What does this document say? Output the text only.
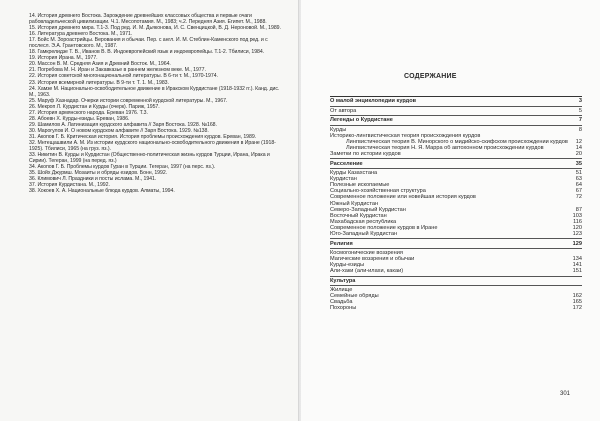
14. История древнего Востока. Зарождение древнейших классовых общества и первые очаги рабовладельческой цивилизации. Ч.1. Месопотамия. М., 1983; ч.2. Передняя Азия. Египет. М., 1988.

15. История древнего мира. Т.1-3. Под ред. И. М. Дьяконова, И. С. Свенцицкой, В. Д. Нероновой. М., 1989.

16. Литература древнего Востока. М., 1971.

17. Бойс М. Зороастрийцы. Верования и обычаи. Пер. с англ. И. М. Стеблин-Каменского под ред. и с послесл. Э.А. Грантовского. М., 1987.

18. Гамкрелидзе Т. В., Иванов В. В. Индоевропейский язык и индоевропейцы. Т.1-2. Тбилиси, 1984.

19. История Ирана. М., 1977.

20. Массон В. М. Средняя Азия и Древний Восток. М., 1964.

21. Погребова М. Н. Иран и Закавказье в раннем железном веке. М., 1977.

22. История советской многонациональной литературы. В 6-ти т. М., 1970-1974.

23. История всемирной литературы. В 9-ти т. Т. 1. М., 1983.

24. Хамзе М. Национально-освободительное движение в Иракском Курдистане (1918-1932 гг.). Канд. дис. М., 1963.

25. Маруф Хазнадар. Очерки истории современной курдской литературы. М., 1967.

26. Мекроп Л. Курдистан и Курды (очерк). Париж, 1957.

27. История армянского народа. Ереван 1976. Т.3.

28. Абоевн Х. Курды-езиды. Ереван, 1986.

29. Шамилов А. Латинизация курдского алфавита // Заря Востока. 1928. №168.

30. Марогулов И. О новом курдском алфавите // Заря Востока. 1929. №138.

31. Акопов Г. Б. Критическая история. История проблемы происхождения курдов. Ереван, 1989.

32. Мнтещашвили А. М. Из истории курдского национально-освободительного движения в Иране (1918-1925). Тбилиси, 1965 (на груз. яз.).

33. Никитин В. Курды и Курдистан (Общественно-политическая жизнь курдов Турции, Ирана, Ирака и Сирии). Тегеран, 1999 (на перед. яз.)

34. Акопов Г. Б. Проблемы курдов Гуран в Турции. Тегеран, 1997 (на перс. яз.).

35. Шойх Джурмш. Мозаиты и обряды езидов. Бонн, 1992.

36. Климович Л. Праздники и посты ислама. М., 1941.

37. История Курдистана. М., 1992.

38. Хокоев Х. А. Национальные блюда курдов. Алматы, 1994.

СОДЕРЖАНИЕ
О малой энциклопедии курдов	3
От автора	5
Легенды о Курдистане	7
Курды	8
Историко-лингвистическая теория происхождения курдов
Лингвистическая теория В. Минорского о мидийско-скифском происхождении курдов	12
Лингвистическая теория Н. Я. Марра об автохонном происхождении курдов	14
Заметки по истории курдов	20
Расселение	35
Курды Казахстана	51
Курдистан	63
Полезные ископаемые	64
Социально-хозяйственная структура	67
Современное положение или новейшая история курдов	72
Южный Курдистан
Северо-Западный Курдистан	87
Восточный Курдистан	103
Махабадская республика	116
Современное положение курдов в Иране	120
Юго-Западный Курдистан	123
Религия	129
Космогонические воззрения
Магические воззрения и обычаи	134
Курды-езиды	141
Али-хаки (али-илахи, какаи)	151
Культура
Жилище
Семейные обряды	162
Свадьба	165
Похороны	172
301
